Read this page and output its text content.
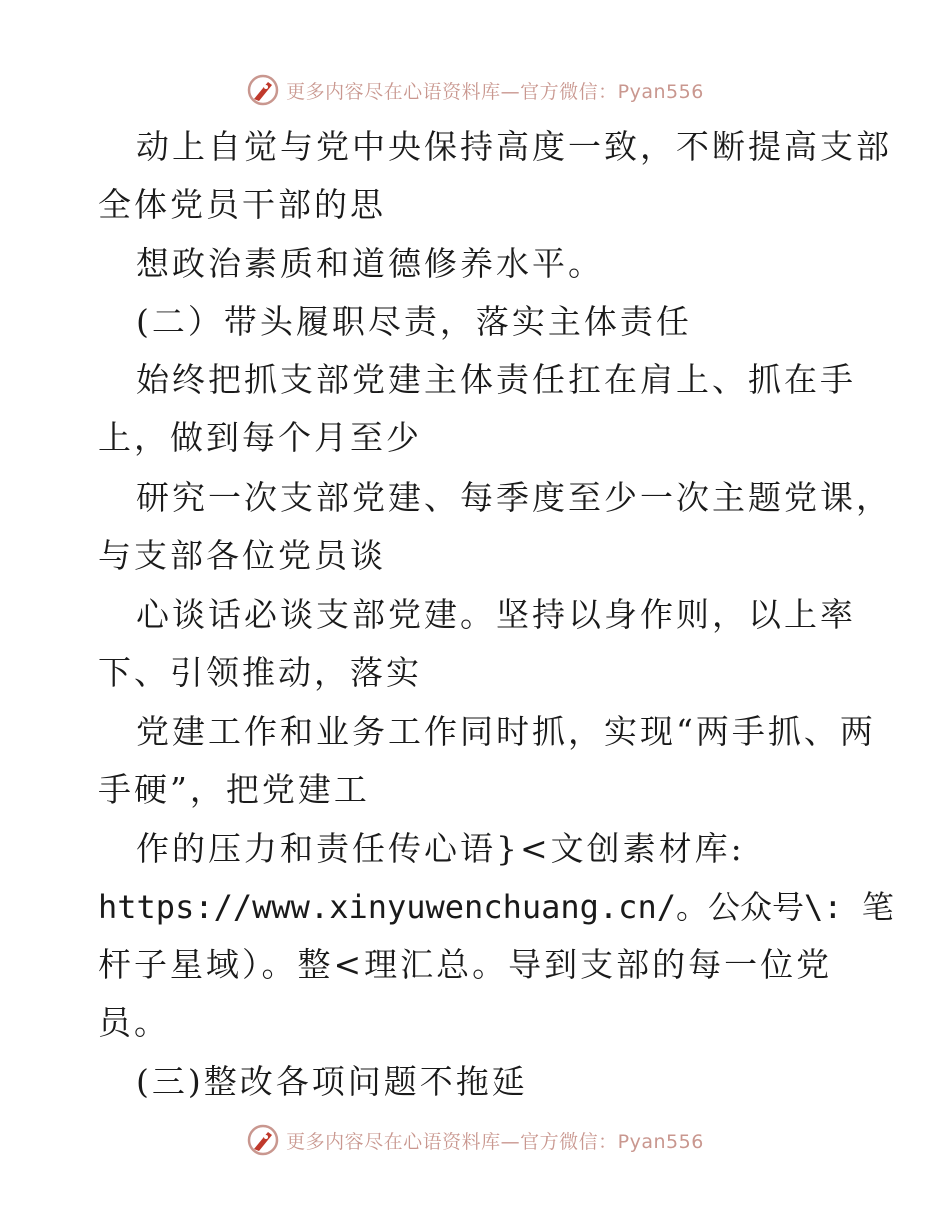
更多内容尽在心语资料库—官方微信：Pyan556
动上自觉与党中央保持高度一致，不断提高支部
全体党员干部的思
想政治素质和道德修养水平。
(二）带头履职尽责，落实主体责任
始终把抓支部党建主体责任扛在肩上、抓在手
上，做到每个月至少
研究一次支部党建、每季度至少一次主题党课，
与支部各位党员谈
心谈话必谈支部党建。坚持以身作则，以上率
下、引领推动，落实
党建工作和业务工作同时抓，实现“两手抓、两
手硬”，把党建工
作的压力和责任传心语}<文创素材库:
https://www.xinyuwenchuang.cn/。公众号\: 笔
杆子星域）。整<理汇总。导到支部的每一位党
员。
(三)整改各项问题不拖延
更多内容尽在心语资料库—官方微信：Pyan556
